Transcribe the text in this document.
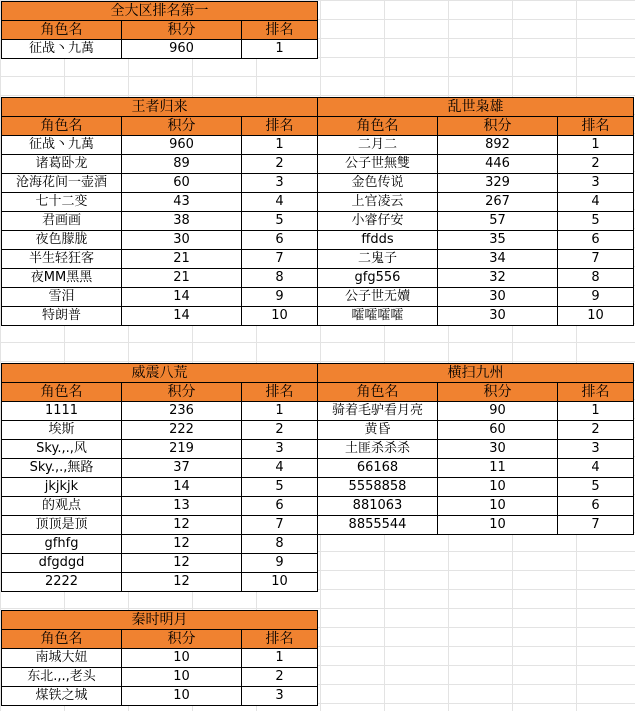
全大区排名第一		
角色名	积分	排名
征战丶九萬	960	1
王者归来		
角色名	积分	排名
征战丶九萬	960	1
诸葛卧龙	89	2
沧海花间一壶酒	60	3
七十二变	43	4
君画画	38	5
夜色朦胧	30	6
半生轻狂客	21	7
夜MM黑黑	21	8
雪泪	14	9
特朗普	14	10
乱世枭雄		
角色名	积分	排名
二月二	892	1
公子世無雙	446	2
金色传说	329	3
上官凌云	267	4
小睿仔安	57	5
ffdds	35	6
二鬼子	34	7
gfg556	32	8
公子世无嬻	30	9
嚯嚯嚯嚯	30	10
威震八荒		
角色名	积分	排名
1111	236	1
埃斯	222	2
Sky.,.,风	219	3
Sky.,.,無路	37	4
jkjkjk	14	5
的观点	13	6
顶顶是顶	12	7
gfhfg	12	8
dfgdgd	12	9
2222	12	10
横扫九州		
角色名	积分	排名
骑着毛驴看月亮	90	1
黄昏	60	2
土匪杀杀杀	30	3
66168	11	4
5558858	10	5
881063	10	6
8855544	10	7
秦时明月		
角色名	积分	排名
南城大妞	10	1
东北.,.,老头	10	2
煤铁之城	10	3
